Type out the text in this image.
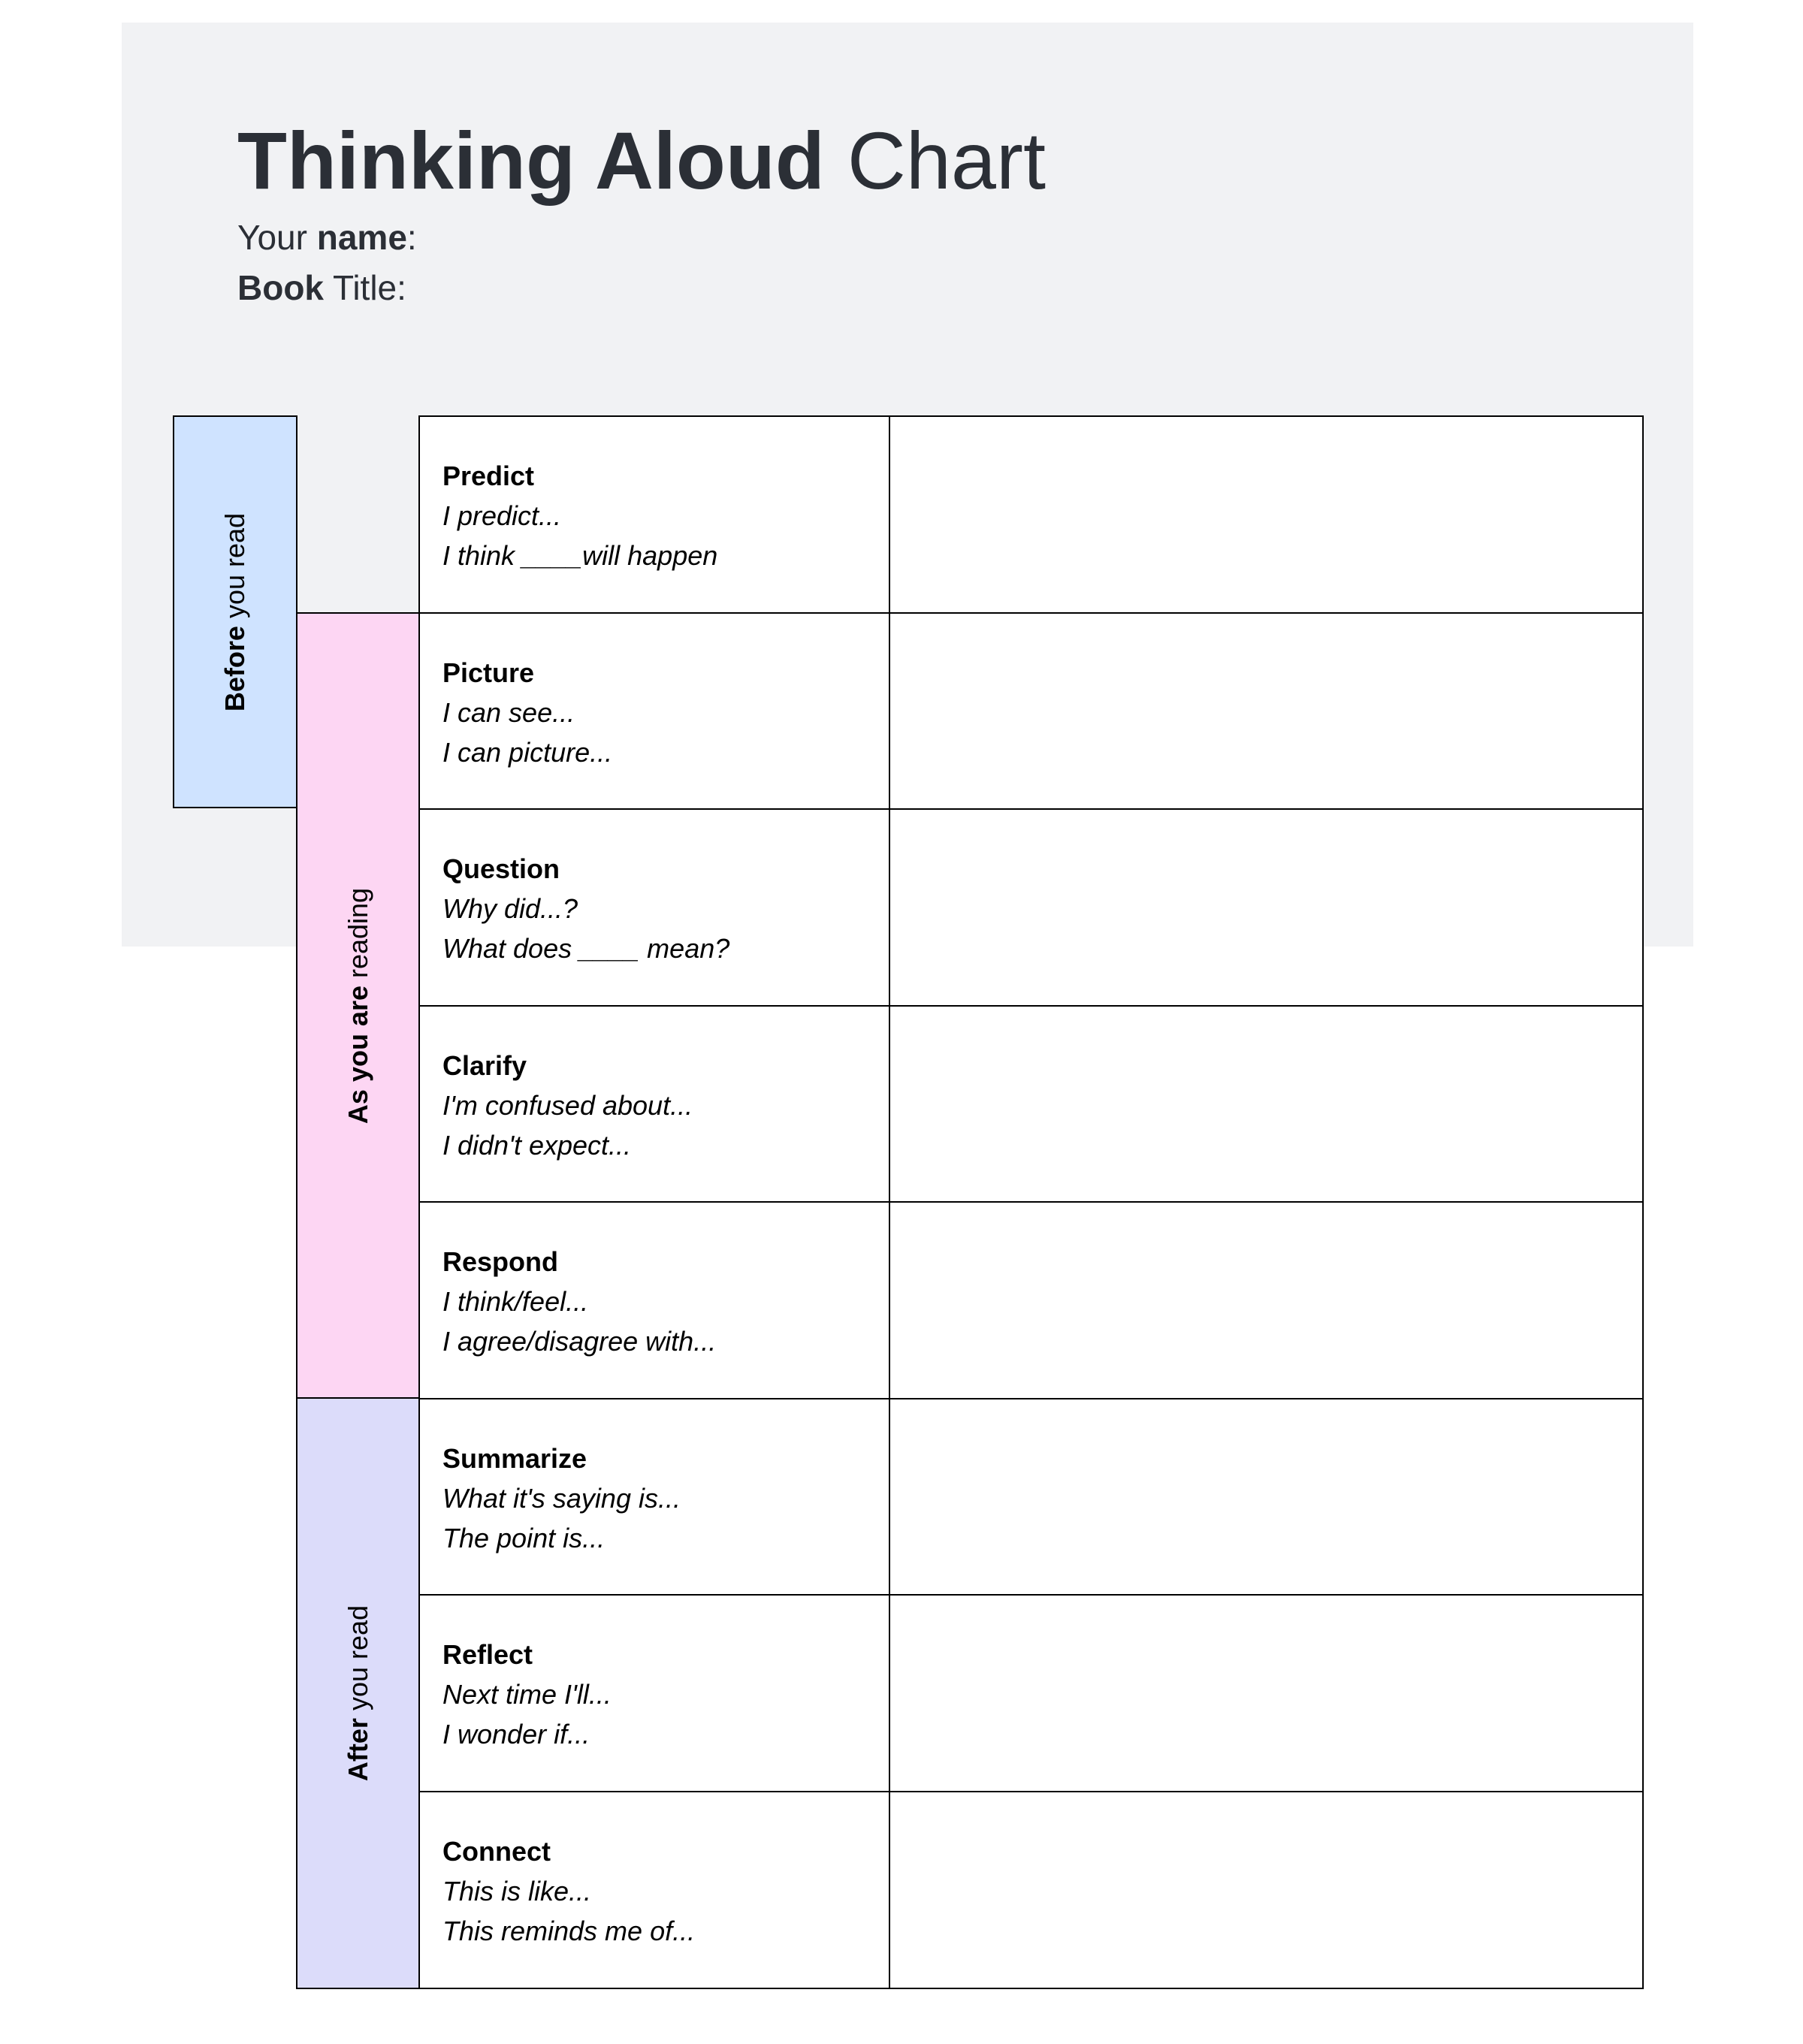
Thinking Aloud Chart
Your name:
Book Title:
Before you read
As you are reading
After you read
Predict
I predict...
I think ____will happen
Picture
I can see...
I can picture...
Question
Why did...?
What does ____ mean?
Clarify
I'm confused about...
I didn't expect...
Respond
I think/feel...
I agree/disagree with...
Summarize
What it's saying is...
The point is...
Reflect
Next time I'll...
I wonder if...
Connect
This is like...
This reminds me of...
